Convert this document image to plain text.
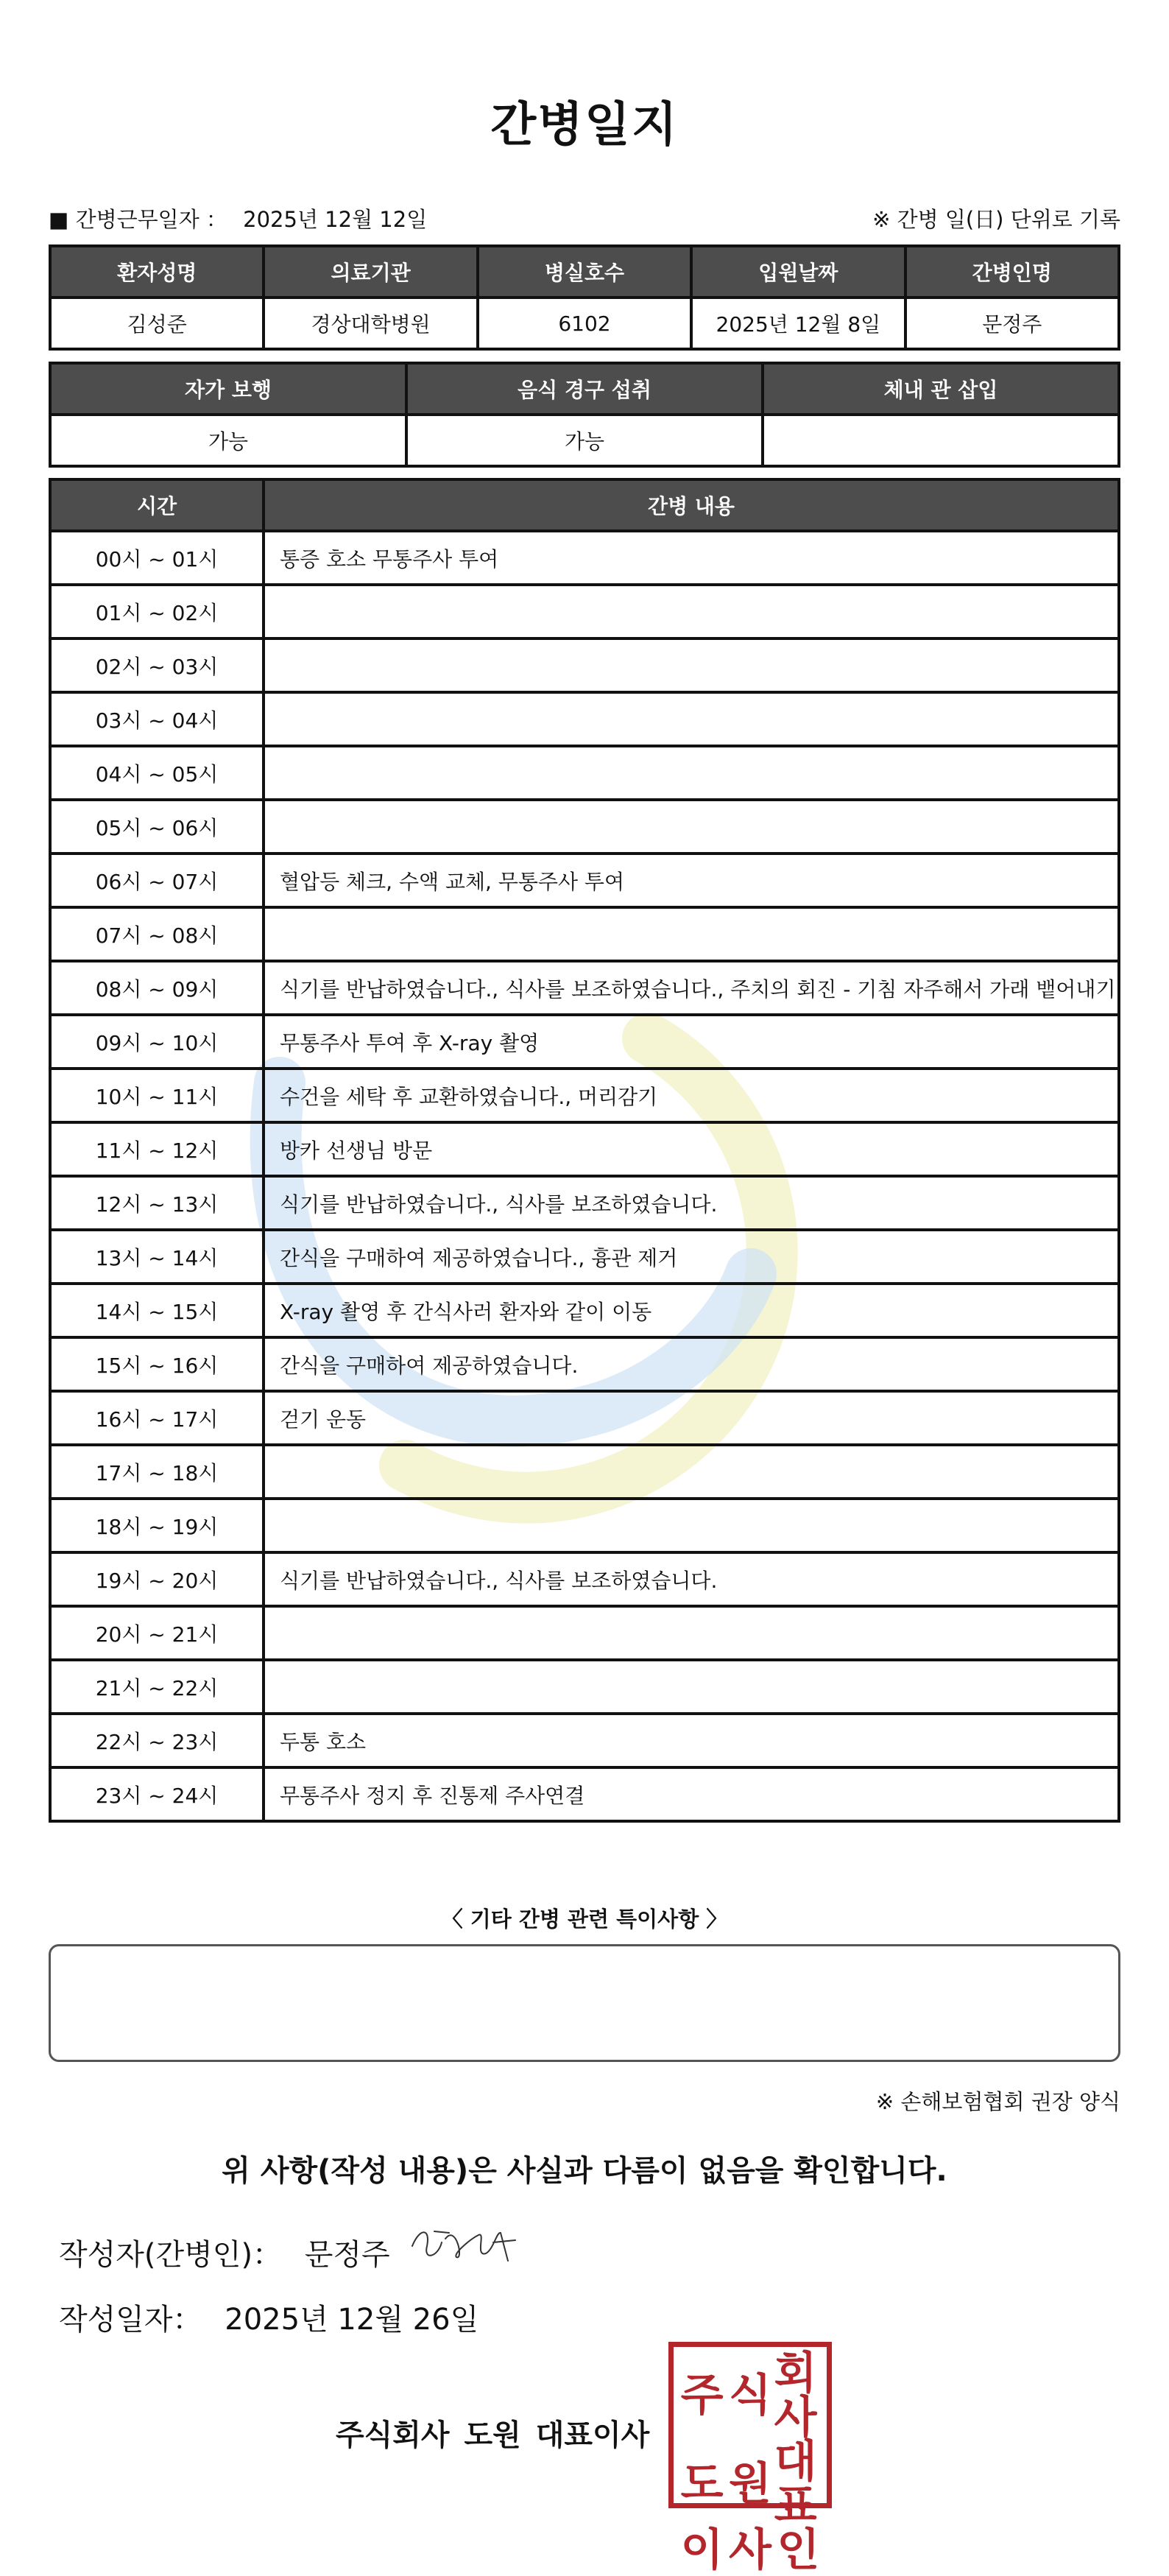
간병일지
■ 간병근무일자 ： 2025년 12월 12일	※ 간병 일(日) 단위로 기록
환자성명	의료기관	병실호수	입원날짜	간병인명
김성준	경상대학병원	6102	2025년 12월 8일	문정주
자가 보행	음식 경구 섭취	체내 관 삽입
가능	가능	
시간	간병 내용
00시 ~ 01시	통증 호소 무통주사 투여
01시 ~ 02시	
02시 ~ 03시	
03시 ~ 04시	
04시 ~ 05시	
05시 ~ 06시	
06시 ~ 07시	혈압등 체크, 수액 교체, 무통주사 투여
07시 ~ 08시	
08시 ~ 09시	식기를 반납하였습니다., 식사를 보조하였습니다., 주치의 회진 - 기침 자주해서 가래 뱉어내기
09시 ~ 10시	무통주사 투여 후 X-ray 촬영
10시 ~ 11시	수건을 세탁 후 교환하였습니다., 머리감기
11시 ~ 12시	방카 선생님 방문
12시 ~ 13시	식기를 반납하였습니다., 식사를 보조하였습니다.
13시 ~ 14시	간식을 구매하여 제공하였습니다., 흉관 제거
14시 ~ 15시	X-ray 촬영 후 간식사러 환자와 같이 이동
15시 ~ 16시	간식을 구매하여 제공하였습니다.
16시 ~ 17시	걷기 운동
17시 ~ 18시	
18시 ~ 19시	
19시 ~ 20시	식기를 반납하였습니다., 식사를 보조하였습니다.
20시 ~ 21시	
21시 ~ 22시	
22시 ~ 23시	두통 호소
23시 ~ 24시	무통주사 정지 후 진통제 주사연결
〈 기타 간병 관련 특이사항 〉
※ 손해보험협회 권장 양식
위 사항(작성 내용)은 사실과 다름이 없음을 확인합니다.
작성자(간병인)： 문정주
작성일자： 2025년 12월 26일
주식회사 도원 대표이사
주 식 회사
도 원 대표
이 사 인
